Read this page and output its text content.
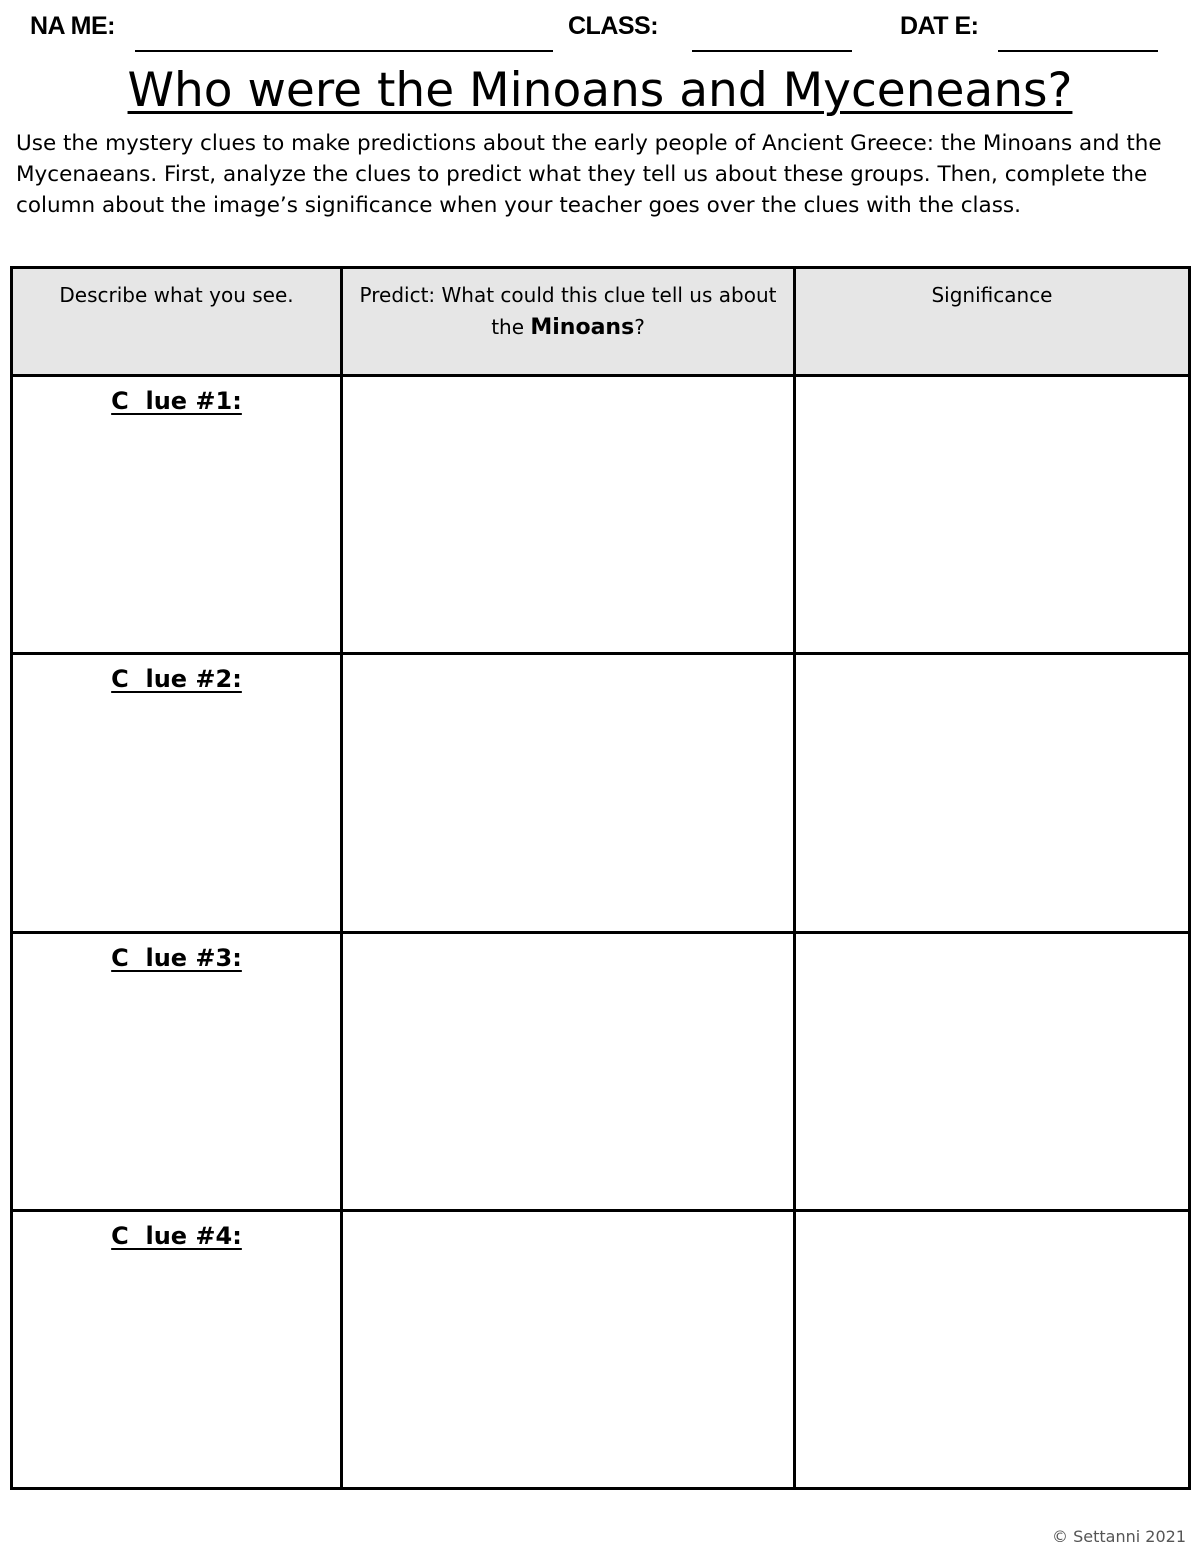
NA ME:	CLASS:	DAT E:
Who were the Minoans and Myceneans?

Use the mystery clues to make predictions about the early people of Ancient Greece: the Minoans and the Mycenaeans. First, analyze the clues to predict what they tell us about these groups. Then, complete the column about the image’s significance when your teacher goes over the clues with the class.

Describe what you see.	Predict: What could this clue tell us about the Minoans?	Significance

C  lue #1:		

C  lue #2:		

C  lue #3:		

C  lue #4:		

© Settanni 2021
